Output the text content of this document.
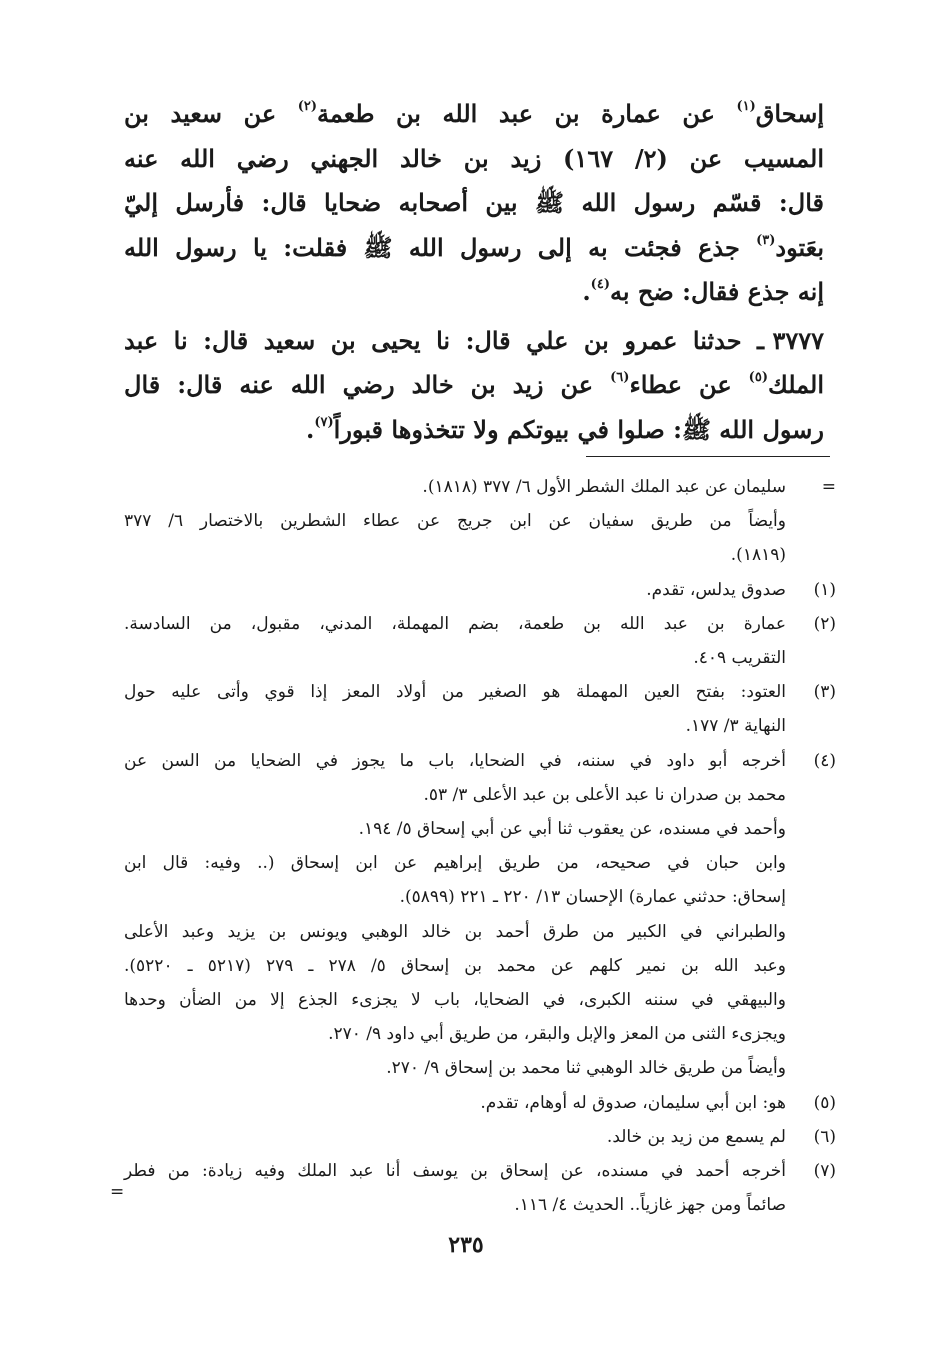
إسحاق$^{(١)}$ عن عمارة بن عبد الله بن طعمة$^{(٢)}$ عن سعيد بن
المسيب عن (٢/ ١٦٧) زيد بن خالد الجهني رضي الله عنه
قال: قسّم رسول الله ﷺ بين أصحابه ضحايا قال: فأرسل إليّ
بعَتود$^{(٣)}$ جذع فجئت به إلى رسول الله ﷺ فقلت: يا رسول الله
إنه جذع فقال: ضح به$^{(٤)}$.
٣٧٧٧ ـ حدثنا عمرو بن علي قال: نا يحيى بن سعيد قال: نا عبد
الملك$^{(٥)}$ عن عطاء$^{(٦)}$ عن زيد بن خالد رضي الله عنه قال: قال
رسول الله ﷺ: صلوا في بيوتكم ولا تتخذوها قبوراً$^{(٧)}$.
=
سليمان عن عبد الملك الشطر الأول ٦/ ٣٧٧ (١٨١٨).
وأيضاً من طريق سفيان عن ابن جريج عن عطاء الشطرين بالاختصار ٦/ ٣٧٧
(١٨١٩).
(١)
صدوق يدلس، تقدم.
(٢)
عمارة بن عبد الله بن طعمة، بضم المهملة، المدني، مقبول، من السادسة.
التقريب ٤٠٩.
(٣)
العتود: بفتح العين المهملة هو الصغير من أولاد المعز إذا قوي وأتى عليه حول
النهاية ٣/ ١٧٧.
(٤)
أخرجه أبو داود في سننه، في الضحايا، باب ما يجوز في الضحايا من السن عن
محمد بن صدران نا عبد الأعلى بن عبد الأعلى ٣/ ٥٣.
وأحمد في مسنده، عن يعقوب ثنا أبي عن أبي إسحاق ٥/ ١٩٤.
وابن حبان في صحيحه، من طريق إبراهيم عن ابن إسحاق (.. وفيه: قال ابن
إسحاق: حدثني عمارة) الإحسان ١٣/ ٢٢٠ ـ ٢٢١ (٥٨٩٩).
والطبراني في الكبير من طرق أحمد بن خالد الوهبي ويونس بن يزيد وعبد الأعلى
وعبد الله بن نمير كلهم عن محمد بن إسحاق ٥/ ٢٧٨ ـ ٢٧٩ (٥٢١٧ ـ ٥٢٢٠).
والبيهقي في سننه الكبرى، في الضحايا، باب لا يجزىء الجذع إلا من الضأن وحدها
ويجزىء الثنى من المعز والإبل والبقر، من طريق أبي داود ٩/ ٢٧٠.
وأيضاً من طريق خالد الوهبي ثنا محمد بن إسحاق ٩/ ٢٧٠.
(٥)
هو: ابن أبي سليمان، صدوق له أوهام، تقدم.
(٦)
لم يسمع من زيد بن خالد.
(٧)
أخرجه أحمد في مسنده، عن إسحاق بن يوسف أنا عبد الملك وفيه زيادة: من فطر
صائماً ومن جهز غازياً.. الحديث ٤/ ١١٦.
=
٢٣٥
